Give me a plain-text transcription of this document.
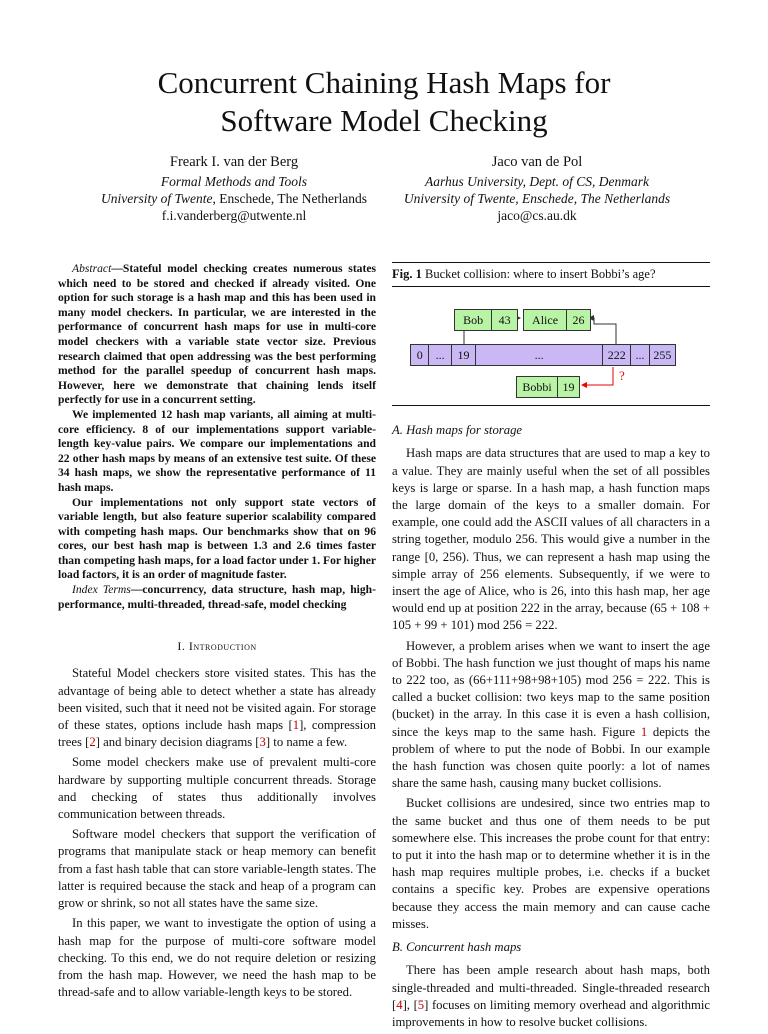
Concurrent Chaining Hash Maps for
Software Model Checking
Freark I. van der Berg
Formal Methods and Tools
University of Twente, Enschede, The Netherlands
f.i.vanderberg@utwente.nl
Jaco van de Pol
Aarhus University, Dept. of CS, Denmark
University of Twente, Enschede, The Netherlands
jaco@cs.au.dk

Abstract—Stateful model checking creates numerous states which need to be stored and checked if already visited. One option for such storage is a hash map and this has been used in many model checkers. In particular, we are interested in the performance of concurrent hash maps for use in multi-core model checkers with a variable state vector size. Previous research claimed that open addressing was the best performing method for the parallel speedup of concurrent hash maps. However, here we demonstrate that chaining lends itself perfectly for use in a concurrent setting.

We implemented 12 hash map variants, all aiming at multi-core efficiency. 8 of our implementations support variable-length key-value pairs. We compare our implementations and 22 other hash maps by means of an extensive test suite. Of these 34 hash maps, we show the representative performance of 11 hash maps.

Our implementations not only support state vectors of variable length, but also feature superior scalability compared with competing hash maps. Our benchmarks show that on 96 cores, our best hash map is between 1.3 and 2.6 times faster than competing hash maps, for a load factor under 1. For higher load factors, it is an order of magnitude faster.

Index Terms—concurrency, data structure, hash map, high-performance, multi-threaded, thread-safe, model checking

I. Introduction

Stateful Model checkers store visited states. This has the advantage of being able to detect whether a state has already been visited, such that it need not be visited again. For storage of these states, options include hash maps [1], compression trees [2] and binary decision diagrams [3] to name a few.

Some model checkers make use of prevalent multi-core hardware by supporting multiple concurrent threads. Storage and checking of states thus additionally involves communication between threads.

Software model checkers that support the verification of programs that manipulate stack or heap memory can benefit from a fast hash table that can store variable-length states. The latter is required because the stack and heap of a program can grow or shrink, so not all states have the same size.

In this paper, we want to investigate the option of using a hash map for the purpose of multi-core software model checking. To this end, we do not require deletion or resizing from the hash map. However, we need the hash map to be thread-safe and to allow variable-length keys to be stored.

Fig. 1 Bucket collision: where to insert Bobbi’s age?
Bob	43	Alice	26
0	...	19	...	222 ... 255
Bobbi 19
?

A. Hash maps for storage

Hash maps are data structures that are used to map a key to a value. They are mainly useful when the set of all possibles keys is large or sparse. In a hash map, a hash function maps the large domain of the keys to a smaller domain. For example, one could add the ASCII values of all characters in a string together, modulo 256. This would give a number in the range [0, 256). Thus, we can represent a hash map using the simple array of 256 elements. Subsequently, if we were to insert the age of Alice, who is 26, into this hash map, her age would end up at position 222 in the array, because (65 + 108 + 105 + 99 + 101) mod 256 = 222.

However, a problem arises when we want to insert the age of Bobbi. The hash function we just thought of maps his name to 222 too, as (66+111+98+98+105) mod 256 = 222. This is called a bucket collision: two keys map to the same position (bucket) in the array. In this case it is even a hash collision, since the keys map to the same hash. Figure 1 depicts the problem of where to put the node of Bobbi. In our example the hash function was chosen quite poorly: a lot of names share the same hash, causing many bucket collisions.

Bucket collisions are undesired, since two entries map to the same bucket and thus one of them needs to be put somewhere else. This increases the probe count for that entry: to put it into the hash map or to determine whether it is in the hash map requires multiple probes, i.e. checks if a bucket contains a specific key. Probes are expensive operations because they access the main memory and can cause cache misses.

B. Concurrent hash maps

There has been ample research about hash maps, both single-threaded and multi-threaded. Single-threaded research [4], [5] focuses on limiting memory overhead and algorithmic improvements in how to resolve bucket collisions.
